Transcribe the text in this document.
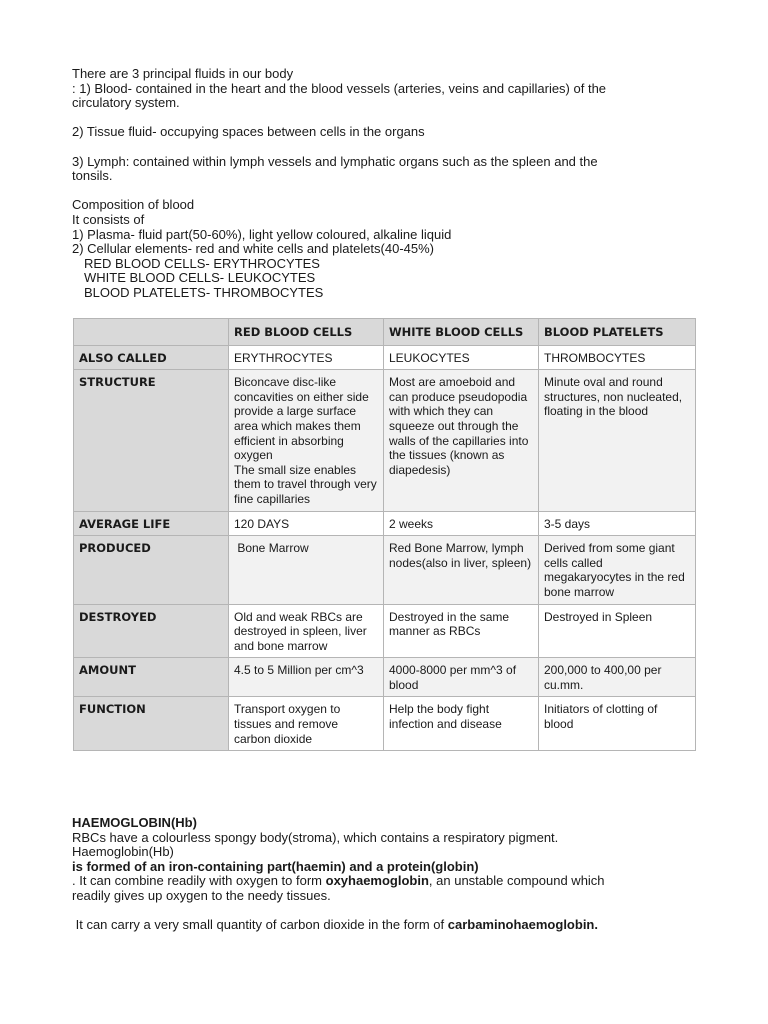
There are 3 principal fluids in our body

: 1) Blood- contained in the heart and the blood vessels (arteries, veins and capillaries) of the

circulatory system.

2) Tissue fluid- occupying spaces between cells in the organs

3) Lymph: contained within lymph vessels and lymphatic organs such as the spleen and the

tonsils.

Composition of blood

It consists of

1) Plasma- fluid part(50-60%), light yellow coloured, alkaline liquid

2) Cellular elements- red and white cells and platelets(40-45%)

RED BLOOD CELLS- ERYTHROCYTES

WHITE BLOOD CELLS- LEUKOCYTES

BLOOD PLATELETS- THROMBOCYTES

	RED BLOOD CELLS	WHITE BLOOD CELLS	BLOOD PLATELETS
ALSO CALLED	ERYTHROCYTES	LEUKOCYTES	THROMBOCYTES
STRUCTURE	Biconcave disc-like concavities on either side provide a large surface area which makes them efficient in absorbing oxygen
The small size enables them to travel through very fine capillaries	Most are amoeboid and can produce pseudopodia with which they can squeeze out through the walls of the capillaries into the tissues (known as diapedesis)	Minute oval and round structures, non nucleated, floating in the blood
AVERAGE LIFE	120 DAYS	2 weeks	3-5 days
PRODUCED	Bone Marrow	Red Bone Marrow, lymph nodes(also in liver, spleen)	Derived from some giant cells called megakaryocytes in the red bone marrow
DESTROYED	Old and weak RBCs are destroyed in spleen, liver and bone marrow	Destroyed in the same manner as RBCs	Destroyed in Spleen
AMOUNT	4.5 to 5 Million per cm^3	4000-8000 per mm^3 of blood	200,000 to 400,00 per cu.mm.
FUNCTION	Transport oxygen to tissues and remove carbon dioxide	Help the body fight infection and disease	Initiators of clotting of blood

HAEMOGLOBIN(Hb)

RBCs have a colourless spongy body(stroma), which contains a respiratory pigment.

Haemoglobin(Hb)

is formed of an iron-containing part(haemin) and a protein(globin)

. It can combine readily with oxygen to form oxyhaemoglobin, an unstable compound which

readily gives up oxygen to the needy tissues.

It can carry a very small quantity of carbon dioxide in the form of carbaminohaemoglobin.
